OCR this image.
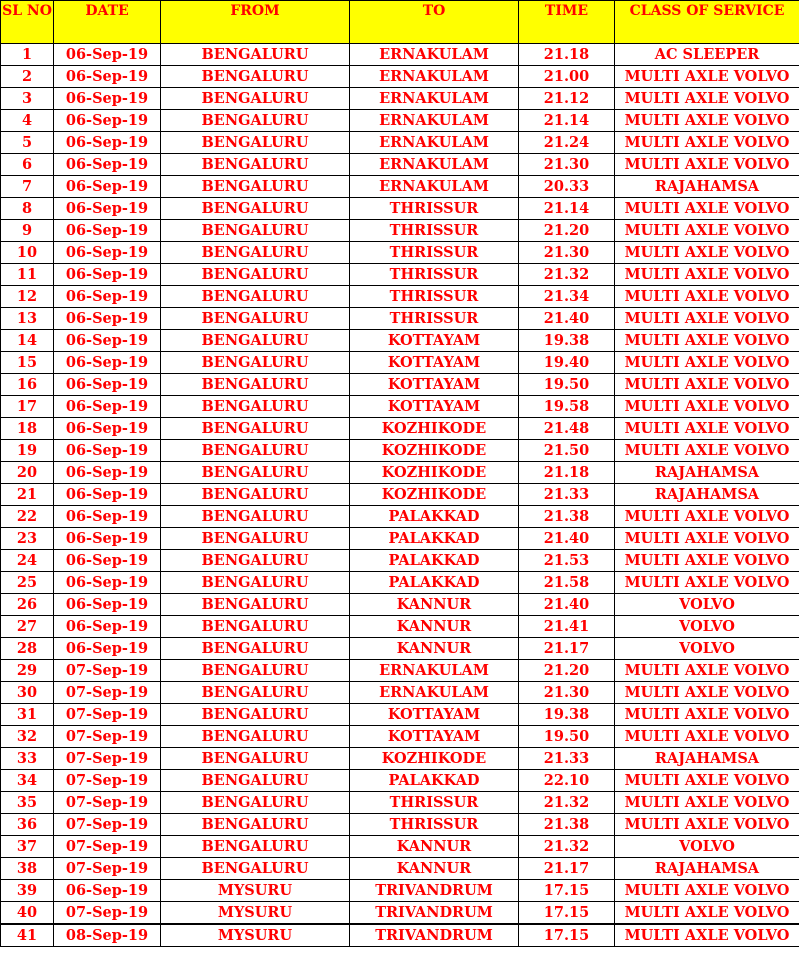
SL NO	DATE	FROM	TO	TIME	CLASS OF SERVICE
1	06-Sep-19	BENGALURU	ERNAKULAM	21.18	AC SLEEPER
2	06-Sep-19	BENGALURU	ERNAKULAM	21.00	MULTI AXLE VOLVO
3	06-Sep-19	BENGALURU	ERNAKULAM	21.12	MULTI AXLE VOLVO
4	06-Sep-19	BENGALURU	ERNAKULAM	21.14	MULTI AXLE VOLVO
5	06-Sep-19	BENGALURU	ERNAKULAM	21.24	MULTI AXLE VOLVO
6	06-Sep-19	BENGALURU	ERNAKULAM	21.30	MULTI AXLE VOLVO
7	06-Sep-19	BENGALURU	ERNAKULAM	20.33	RAJAHAMSA
8	06-Sep-19	BENGALURU	THRISSUR	21.14	MULTI AXLE VOLVO
9	06-Sep-19	BENGALURU	THRISSUR	21.20	MULTI AXLE VOLVO
10	06-Sep-19	BENGALURU	THRISSUR	21.30	MULTI AXLE VOLVO
11	06-Sep-19	BENGALURU	THRISSUR	21.32	MULTI AXLE VOLVO
12	06-Sep-19	BENGALURU	THRISSUR	21.34	MULTI AXLE VOLVO
13	06-Sep-19	BENGALURU	THRISSUR	21.40	MULTI AXLE VOLVO
14	06-Sep-19	BENGALURU	KOTTAYAM	19.38	MULTI AXLE VOLVO
15	06-Sep-19	BENGALURU	KOTTAYAM	19.40	MULTI AXLE VOLVO
16	06-Sep-19	BENGALURU	KOTTAYAM	19.50	MULTI AXLE VOLVO
17	06-Sep-19	BENGALURU	KOTTAYAM	19.58	MULTI AXLE VOLVO
18	06-Sep-19	BENGALURU	KOZHIKODE	21.48	MULTI AXLE VOLVO
19	06-Sep-19	BENGALURU	KOZHIKODE	21.50	MULTI AXLE VOLVO
20	06-Sep-19	BENGALURU	KOZHIKODE	21.18	RAJAHAMSA
21	06-Sep-19	BENGALURU	KOZHIKODE	21.33	RAJAHAMSA
22	06-Sep-19	BENGALURU	PALAKKAD	21.38	MULTI AXLE VOLVO
23	06-Sep-19	BENGALURU	PALAKKAD	21.40	MULTI AXLE VOLVO
24	06-Sep-19	BENGALURU	PALAKKAD	21.53	MULTI AXLE VOLVO
25	06-Sep-19	BENGALURU	PALAKKAD	21.58	MULTI AXLE VOLVO
26	06-Sep-19	BENGALURU	KANNUR	21.40	VOLVO
27	06-Sep-19	BENGALURU	KANNUR	21.41	VOLVO
28	06-Sep-19	BENGALURU	KANNUR	21.17	VOLVO
29	07-Sep-19	BENGALURU	ERNAKULAM	21.20	MULTI AXLE VOLVO
30	07-Sep-19	BENGALURU	ERNAKULAM	21.30	MULTI AXLE VOLVO
31	07-Sep-19	BENGALURU	KOTTAYAM	19.38	MULTI AXLE VOLVO
32	07-Sep-19	BENGALURU	KOTTAYAM	19.50	MULTI AXLE VOLVO
33	07-Sep-19	BENGALURU	KOZHIKODE	21.33	RAJAHAMSA
34	07-Sep-19	BENGALURU	PALAKKAD	22.10	MULTI AXLE VOLVO
35	07-Sep-19	BENGALURU	THRISSUR	21.32	MULTI AXLE VOLVO
36	07-Sep-19	BENGALURU	THRISSUR	21.38	MULTI AXLE VOLVO
37	07-Sep-19	BENGALURU	KANNUR	21.32	VOLVO
38	07-Sep-19	BENGALURU	KANNUR	21.17	RAJAHAMSA
39	06-Sep-19	MYSURU	TRIVANDRUM	17.15	MULTI AXLE VOLVO
40	07-Sep-19	MYSURU	TRIVANDRUM	17.15	MULTI AXLE VOLVO
41	08-Sep-19	MYSURU	TRIVANDRUM	17.15	MULTI AXLE VOLVO
